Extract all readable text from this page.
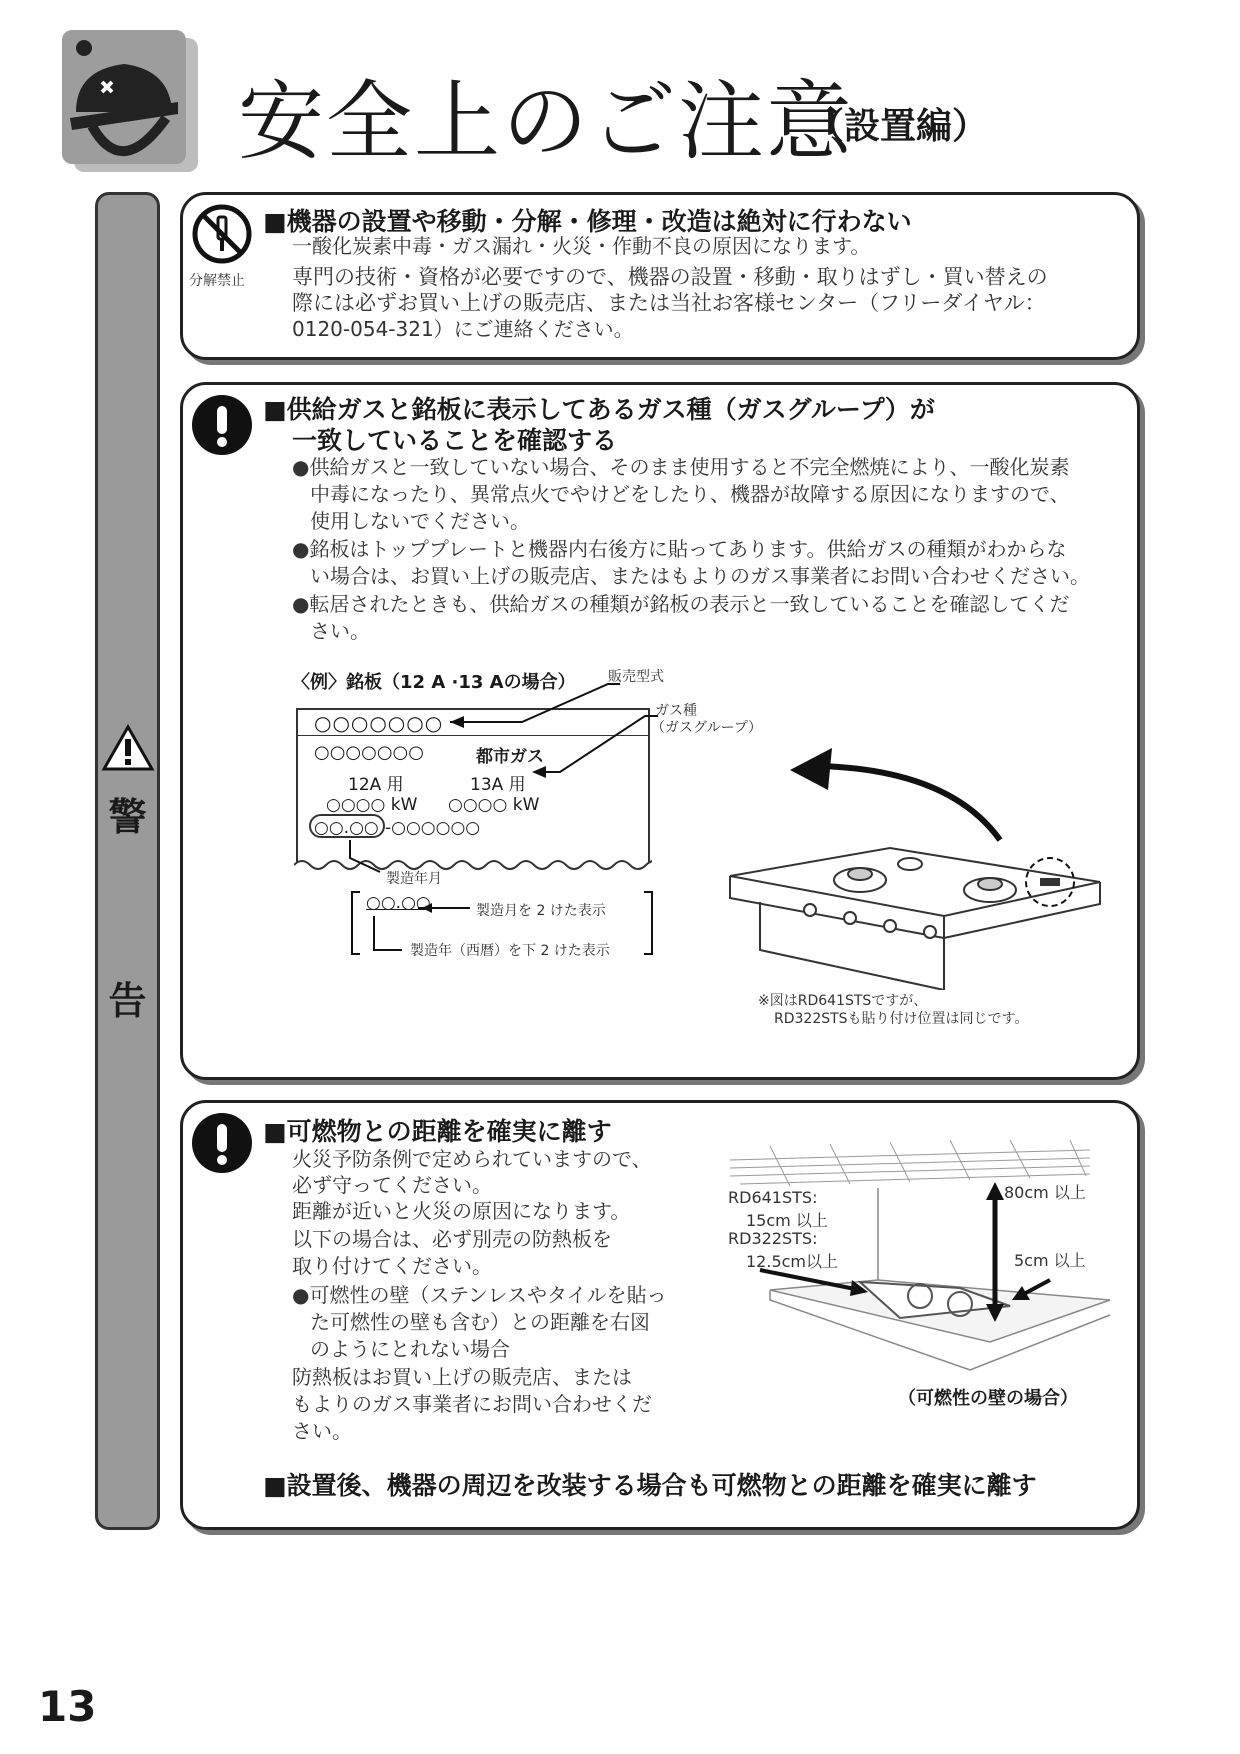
安全上のご注意
（設置編）
警
告
分解禁止
■機器の設置や移動・分解・修理・改造は絶対に行わない
一酸化炭素中毒・ガス漏れ・火災・作動不良の原因になります。
専門の技術・資格が必要ですので、機器の設置・移動・取りはずし・買い替えの
際には必ずお買い上げの販売店、または当社お客様センター（フリーダイヤル：
0120-054-321）にご連絡ください。
■供給ガスと銘板に表示してあるガス種（ガスグループ）が
一致していることを確認する
●供給ガスと一致していない場合、そのまま使用すると不完全燃焼により、一酸化炭素
中毒になったり、異常点火でやけどをしたり、機器が故障する原因になりますので、
使用しないでください。
●銘板はトッププレートと機器内右後方に貼ってあります。供給ガスの種類がわからな
い場合は、お買い上げの販売店、またはもよりのガス事業者にお問い合わせください。
●転居されたときも、供給ガスの種類が銘板の表示と一致していることを確認してくだ
さい。
〈例〉銘板（12 A ·13 Aの場合） 販売型式
ガス種
（ガスグループ）
○○○○○○○
○○○○○○○	都市ガス
12A 用	13A 用
○○○○ kW ○○○○ kW
○○.○○ -○○○○○○
製造年月
○○.○○	製造月を 2 けた表示
製造年（西暦）を下 2 けた表示
※図はRD641STSですが、
RD322STSも貼り付け位置は同じです。
■可燃物との距離を確実に離す
火災予防条例で定められていますので、
必ず守ってください。
距離が近いと火災の原因になります。
以下の場合は、必ず別売の防熱板を
取り付けてください。
●可燃性の壁（ステンレスやタイルを貼っ
た可燃性の壁も含む）との距離を右図
のようにとれない場合
防熱板はお買い上げの販売店、または
もよりのガス事業者にお問い合わせくだ
さい。
RD641STS:
15cm 以上
RD322STS:
12.5cm以上
80cm 以上
5cm 以上
（可燃性の壁の場合）
■設置後、機器の周辺を改装する場合も可燃物との距離を確実に離す
13
